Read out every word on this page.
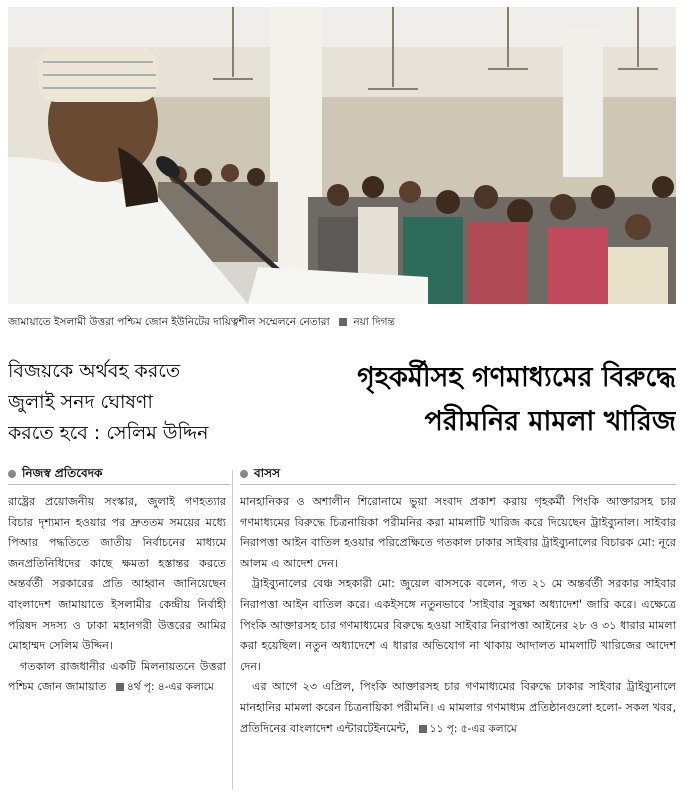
জামায়াতে ইসলামী উত্তরা পশ্চিম জোন ইউনিটের দায়িত্বশীল সম্মেলনে নেতারা নয়া দিগন্ত
বিজয়কে অর্থবহ করতে
জুলাই সনদ ঘোষণা
করতে হবে : সেলিম উদ্দিন
গৃহকর্মীসহ গণমাধ্যমের বিরুদ্ধে
পরীমনির মামলা খারিজ
নিজস্ব প্রতিবেদক	বাসস

রাষ্ট্রের প্রয়োজনীয় সংস্কার, জুলাই গণহত্যার বিচার দৃশ্যমান হওয়ার পর দ্রুততম সময়ের মধ্যে পিআর পদ্ধতিতে জাতীয় নির্বাচনের মাধ্যমে জনপ্রতিনিধিদের কাছে ক্ষমতা হস্তান্তর করতে অন্তর্বর্তী সরকারের প্রতি আহ্বান জানিয়েছেন বাংলাদেশ জামায়াতে ইসলামীর কেন্দ্রীয় নির্বাহী পরিষদ সদস্য ও ঢাকা মহানগরী উত্তরের আমির মোহাম্মদ সেলিম উদ্দিন।

গতকাল রাজধানীর একটি মিলনায়তনে উত্তরা পশ্চিম জোন জামায়াত ৪র্থ পৃ: ৪-এর কলামে

মানহানিকর ও অশালীন শিরোনামে ভুয়া সংবাদ প্রকাশ করায় গৃহকর্মী পিংকি আক্তারসহ চার গণমাধ্যমের বিরুদ্ধে চিত্রনায়িকা পরীমনির করা মামলাটি খারিজ করে দিয়েছেন ট্রাইব্যুনাল। সাইবার নিরাপত্তা আইন বাতিল হওয়ার পরিপ্রেক্ষিতে গতকাল ঢাকার সাইবার ট্রাইব্যুনালের বিচারক মো: নূরে আলম এ আদেশ দেন।

ট্রাইব্যুনালের বেঞ্চ সহকারী মো: জুয়েল বাসসকে বলেন, গত ২১ মে অন্তর্বর্তী সরকার সাইবার নিরাপত্তা আইন বাতিল করে। একইসঙ্গে নতুনভাবে 'সাইবার সুরক্ষা অধ্যাদেশ' জারি করে। এক্ষেত্রে পিংকি আক্তারসহ চার গণমাধ্যমের বিরুদ্ধে হওয়া সাইবার নিরাপত্তা আইনের ২৮ ও ৩১ ধারার মামলা করা হয়েছিল। নতুন অধ্যাদেশে এ ধারার অভিযোগ না থাকায় আদালত মামলাটি খারিজের আদেশ দেন।

এর আগে ২৩ এপ্রিল, পিংকি আক্তারসহ চার গণমাধ্যমের বিরুদ্ধে ঢাকার সাইবার ট্রাইব্যুনালে মানহানির মামলা করেন চিত্রনায়িকা পরীমনি। এ মামলার গণমাধ্যম প্রতিষ্ঠানগুলো হলো- সকল খবর, প্রতিদিনের বাংলাদেশ এন্টারটেইনমেন্ট, ১১ পৃ: ৫-এর কলামে
